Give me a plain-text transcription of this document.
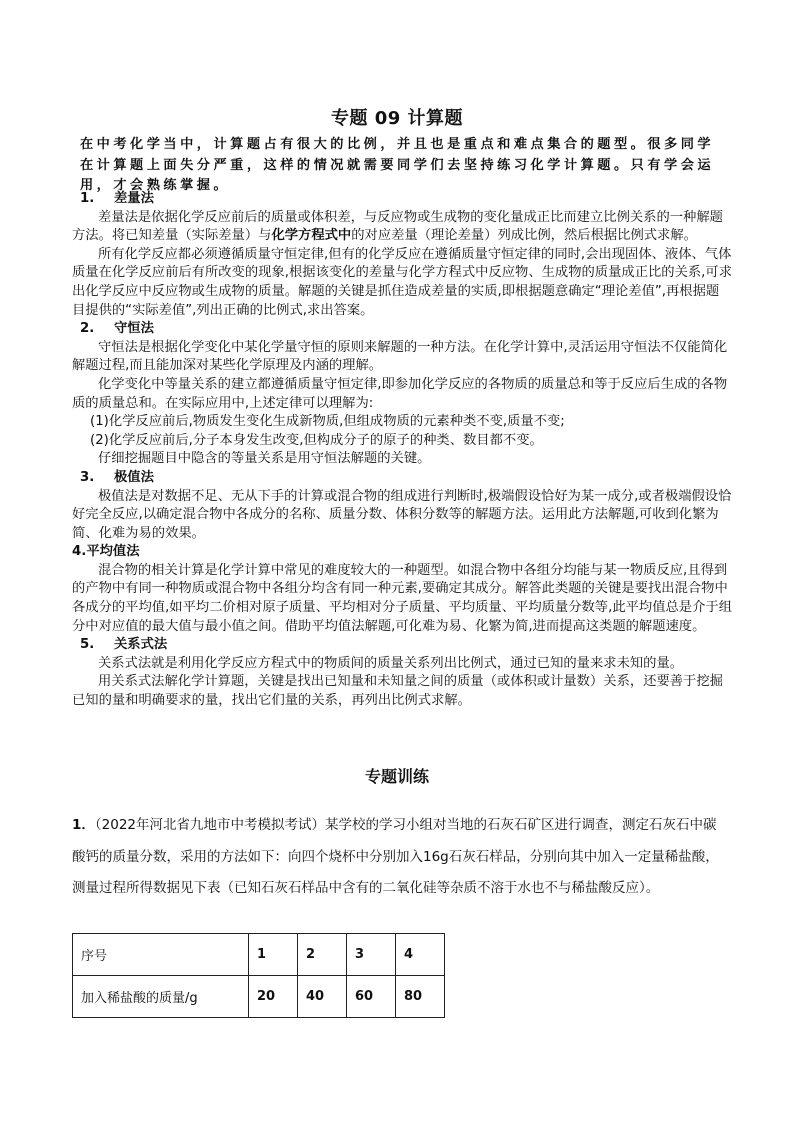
专题 09 计算题
在中考化学当中，计算题占有很大的比例，并且也是重点和难点集合的题型。很多同学在计算题上面失分严重，这样的情况就需要同学们去坚持练习化学计算题。只有学会运用，才会熟练掌握。

1. 差量法

差量法是依据化学反应前后的质量或体积差，与反应物或生成物的变化量成正比而建立比例关系的一种解题方法。将已知差量（实际差量）与化学方程式中的对应差量（理论差量）列成比例，然后根据比例式求解。

所有化学反应都必须遵循质量守恒定律,但有的化学反应在遵循质量守恒定律的同时,会出现固体、液体、气体质量在化学反应前后有所改变的现象,根据该变化的差量与化学方程式中反应物、生成物的质量成正比的关系,可求出化学反应中反应物或生成物的质量。解题的关键是抓住造成差量的实质,即根据题意确定“理论差值”,再根据题目提供的“实际差值”,列出正确的比例式,求出答案。

2. 守恒法

守恒法是根据化学变化中某化学量守恒的原则来解题的一种方法。在化学计算中,灵活运用守恒法不仅能简化解题过程,而且能加深对某些化学原理及内涵的理解。

化学变化中等量关系的建立都遵循质量守恒定律,即参加化学反应的各物质的质量总和等于反应后生成的各物质的质量总和。在实际应用中,上述定律可以理解为:

(1)化学反应前后,物质发生变化生成新物质,但组成物质的元素种类不变,质量不变;

(2)化学反应前后,分子本身发生改变,但构成分子的原子的种类、数目都不变。

仔细挖掘题目中隐含的等量关系是用守恒法解题的关键。

3. 极值法

极值法是对数据不足、无从下手的计算或混合物的组成进行判断时,极端假设恰好为某一成分,或者极端假设恰好完全反应,以确定混合物中各成分的名称、质量分数、体积分数等的解题方法。运用此方法解题,可收到化繁为简、化难为易的效果。

4.平均值法

混合物的相关计算是化学计算中常见的难度较大的一种题型。如混合物中各组分均能与某一物质反应,且得到的产物中有同一种物质或混合物中各组分均含有同一种元素,要确定其成分。解答此类题的关键是要找出混合物中各成分的平均值,如平均二价相对原子质量、平均相对分子质量、平均质量、平均质量分数等,此平均值总是介于组分中对应值的最大值与最小值之间。借助平均值法解题,可化难为易、化繁为简,进而提高这类题的解题速度。

5. 关系式法

关系式法就是利用化学反应方程式中的物质间的质量关系列出比例式，通过已知的量来求未知的量。

用关系式法解化学计算题，关键是找出已知量和未知量之间的质量（或体积或计量数）关系，还要善于挖掘已知的量和明确要求的量，找出它们量的关系，再列出比例式求解。

专题训练

1．（2022年河北省九地市中考模拟考试）某学校的学习小组对当地的石灰石矿区进行调查，测定石灰石中碳酸钙的质量分数，采用的方法如下：向四个烧杯中分别加入16g石灰石样品，分别向其中加入一定量稀盐酸，测量过程所得数据见下表（已知石灰石样品中含有的二氧化硅等杂质不溶于水也不与稀盐酸反应）。

序号	1	2	3	4
加入稀盐酸的质量/g	20	40	60	80
